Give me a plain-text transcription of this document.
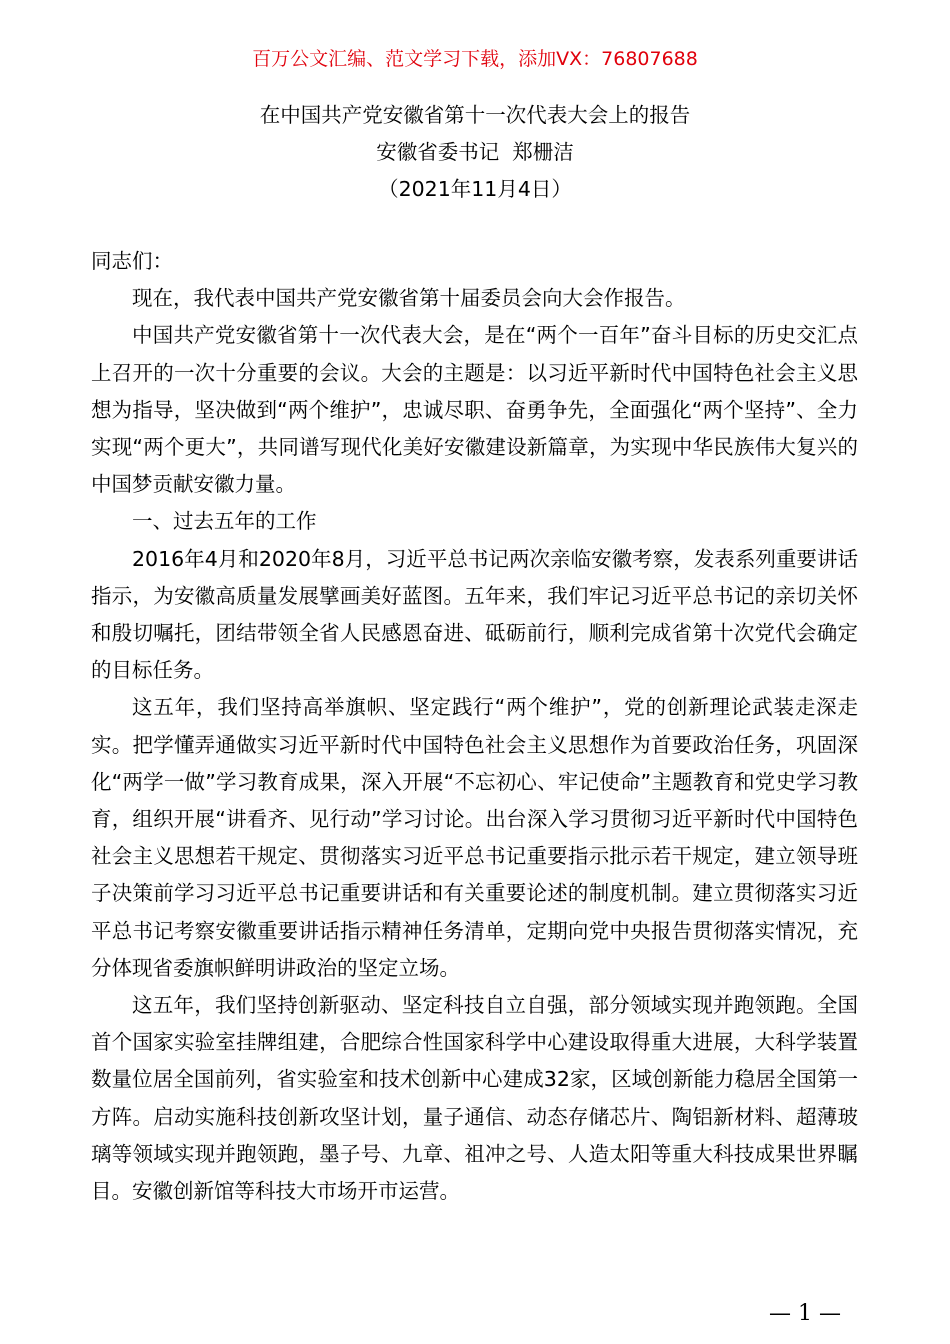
百万公文汇编、范文学习下载，添加VX：76807688
在中国共产党安徽省第十一次代表大会上的报告
安徽省委书记  郑栅洁
（2021年11月4日）

同志们：

现在，我代表中国共产党安徽省第十届委员会向大会作报告。

中国共产党安徽省第十一次代表大会，是在“两个一百年”奋斗目标的历史交汇点上召开的一次十分重要的会议。大会的主题是：以习近平新时代中国特色社会主义思想为指导，坚决做到“两个维护”，忠诚尽职、奋勇争先，全面强化“两个坚持”、全力实现“两个更大”，共同谱写现代化美好安徽建设新篇章，为实现中华民族伟大复兴的中国梦贡献安徽力量。

一、过去五年的工作

2016年4月和2020年8月，习近平总书记两次亲临安徽考察，发表系列重要讲话指示，为安徽高质量发展擘画美好蓝图。五年来，我们牢记习近平总书记的亲切关怀和殷切嘱托，团结带领全省人民感恩奋进、砥砺前行，顺利完成省第十次党代会确定的目标任务。

这五年，我们坚持高举旗帜、坚定践行“两个维护”，党的创新理论武装走深走实。把学懂弄通做实习近平新时代中国特色社会主义思想作为首要政治任务，巩固深化“两学一做”学习教育成果，深入开展“不忘初心、牢记使命”主题教育和党史学习教育，组织开展“讲看齐、见行动”学习讨论。出台深入学习贯彻习近平新时代中国特色社会主义思想若干规定、贯彻落实习近平总书记重要指示批示若干规定，建立领导班子决策前学习习近平总书记重要讲话和有关重要论述的制度机制。建立贯彻落实习近平总书记考察安徽重要讲话指示精神任务清单，定期向党中央报告贯彻落实情况，充分体现省委旗帜鲜明讲政治的坚定立场。

这五年，我们坚持创新驱动、坚定科技自立自强，部分领域实现并跑领跑。全国首个国家实验室挂牌组建，合肥综合性国家科学中心建设取得重大进展，大科学装置数量位居全国前列，省实验室和技术创新中心建成32家，区域创新能力稳居全国第一方阵。启动实施科技创新攻坚计划，量子通信、动态存储芯片、陶铝新材料、超薄玻璃等领域实现并跑领跑，墨子号、九章、祖冲之号、人造太阳等重大科技成果世界瞩目。安徽创新馆等科技大市场开市运营。

— 1 —
